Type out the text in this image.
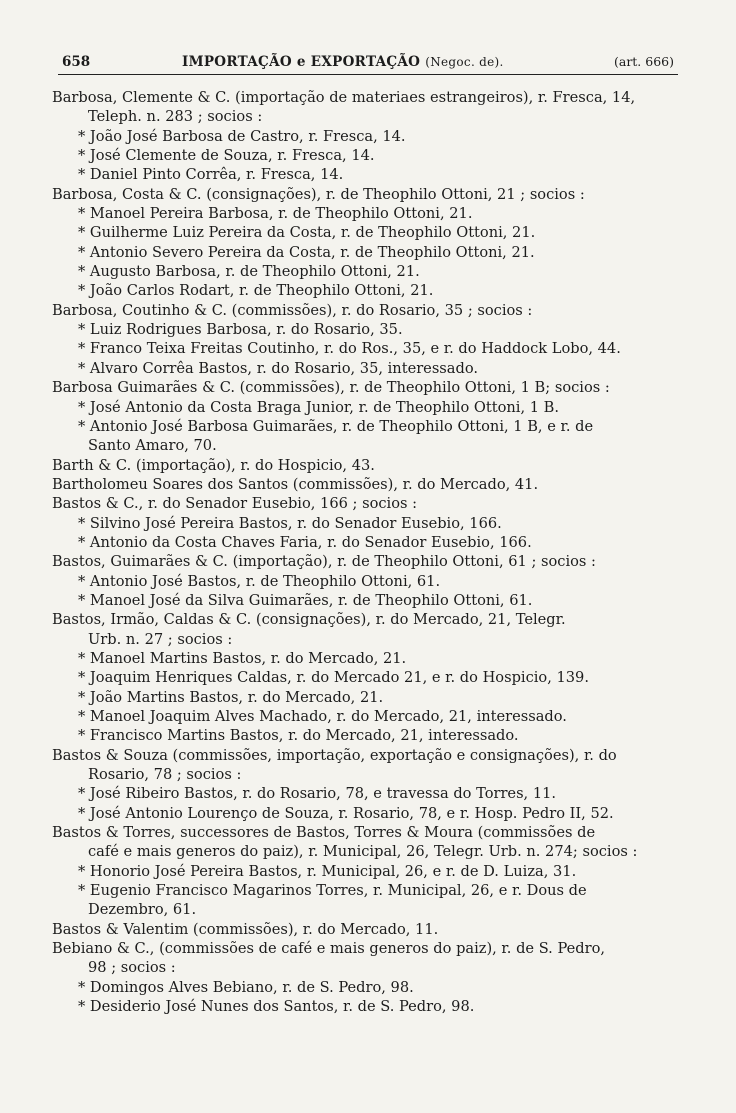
658	IMPORTAÇÃO e EXPORTAÇÃO (Negoc. de).	(art. 666)
Barbosa, Clemente & C. (importação de materiaes estrangeiros), r. Fresca, 14,
Teleph. n. 283 ; socios :
* João José Barbosa de Castro, r. Fresca, 14.
* José Clemente de Souza, r. Fresca, 14.
* Daniel Pinto Corrêa, r. Fresca, 14.
Barbosa, Costa & C. (consignações), r. de Theophilo Ottoni, 21 ; socios :
* Manoel Pereira Barbosa, r. de Theophilo Ottoni, 21.
* Guilherme Luiz Pereira da Costa, r. de Theophilo Ottoni, 21.
* Antonio Severo Pereira da Costa, r. de Theophilo Ottoni, 21.
* Augusto Barbosa, r. de Theophilo Ottoni, 21.
* João Carlos Rodart, r. de Theophilo Ottoni, 21.
Barbosa, Coutinho & C. (commissões), r. do Rosario, 35 ; socios :
* Luiz Rodrigues Barbosa, r. do Rosario, 35.
* Franco Teixa Freitas Coutinho, r. do Ros., 35, e r. do Haddock Lobo, 44.
* Alvaro Corrêa Bastos, r. do Rosario, 35, interessado.
Barbosa Guimarães & C. (commissões), r. de Theophilo Ottoni, 1 B; socios :
* José Antonio da Costa Braga Junior, r. de Theophilo Ottoni, 1 B.
* Antonio José Barbosa Guimarães, r. de Theophilo Ottoni, 1 B, e r. de
Santo Amaro, 70.
Barth & C. (importação), r. do Hospicio, 43.
Bartholomeu Soares dos Santos (commissões), r. do Mercado, 41.
Bastos & C., r. do Senador Eusebio, 166 ; socios :
* Silvino José Pereira Bastos, r. do Senador Eusebio, 166.
* Antonio da Costa Chaves Faria, r. do Senador Eusebio, 166.
Bastos, Guimarães & C. (importação), r. de Theophilo Ottoni, 61 ; socios :
* Antonio José Bastos, r. de Theophilo Ottoni, 61.
* Manoel José da Silva Guimarães, r. de Theophilo Ottoni, 61.
Bastos, Irmão, Caldas & C. (consignações), r. do Mercado, 21, Telegr.
Urb. n. 27 ; socios :
* Manoel Martins Bastos, r. do Mercado, 21.
* Joaquim Henriques Caldas, r. do Mercado 21, e r. do Hospicio, 139.
* João Martins Bastos, r. do Mercado, 21.
* Manoel Joaquim Alves Machado, r. do Mercado, 21, interessado.
* Francisco Martins Bastos, r. do Mercado, 21, interessado.
Bastos & Souza (commissões, importação, exportação e consignações), r. do
Rosario, 78 ; socios :
* José Ribeiro Bastos, r. do Rosario, 78, e travessa do Torres, 11.
* José Antonio Lourenço de Souza, r. Rosario, 78, e r. Hosp. Pedro II, 52.
Bastos & Torres, successores de Bastos, Torres & Moura (commissões de
café e mais generos do paiz), r. Municipal, 26, Telegr. Urb. n. 274; socios :
* Honorio José Pereira Bastos, r. Municipal, 26, e r. de D. Luiza, 31.
* Eugenio Francisco Magarinos Torres, r. Municipal, 26, e r. Dous de
Dezembro, 61.
Bastos & Valentim (commissões), r. do Mercado, 11.
Bebiano & C., (commissões de café e mais generos do paiz), r. de S. Pedro,
98 ; socios :
* Domingos Alves Bebiano, r. de S. Pedro, 98.
* Desiderio José Nunes dos Santos, r. de S. Pedro, 98.
